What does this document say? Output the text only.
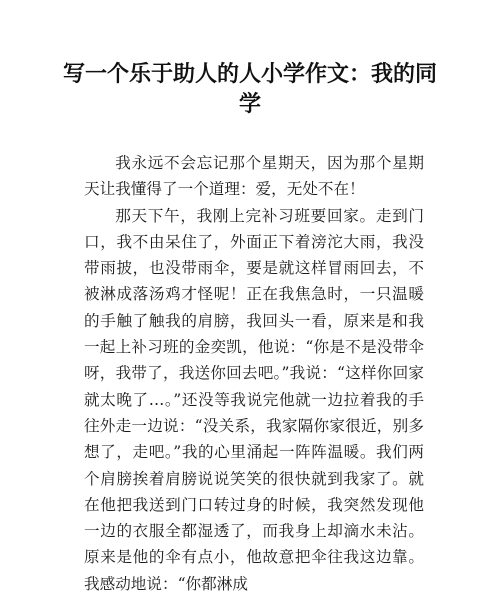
写一个乐于助人的人小学作文：我的同学

我永远不会忘记那个星期天，因为那个星期天让我懂得了一个道理：爱，无处不在！

那天下午，我刚上完补习班要回家。走到门口，我不由呆住了，外面正下着滂沱大雨，我没带雨披，也没带雨伞，要是就这样冒雨回去，不被淋成落汤鸡才怪呢！正在我焦急时，一只温暖的手触了触我的肩膀，我回头一看，原来是和我一起上补习班的金奕凯，他说：“你是不是没带伞呀，我带了，我送你回去吧。”我说：“这样你回家就太晚了…。”还没等我说完他就一边拉着我的手往外走一边说：“没关系，我家隔你家很近，别多想了，走吧。”我的心里涌起一阵阵温暖。我们两个肩膀挨着肩膀说说笑笑的很快就到我家了。就在他把我送到门口转过身的时候，我突然发现他一边的衣服全都湿透了，而我身上却滴水未沾。原来是他的伞有点小，他故意把伞往我这边靠。我感动地说：“你都淋成
